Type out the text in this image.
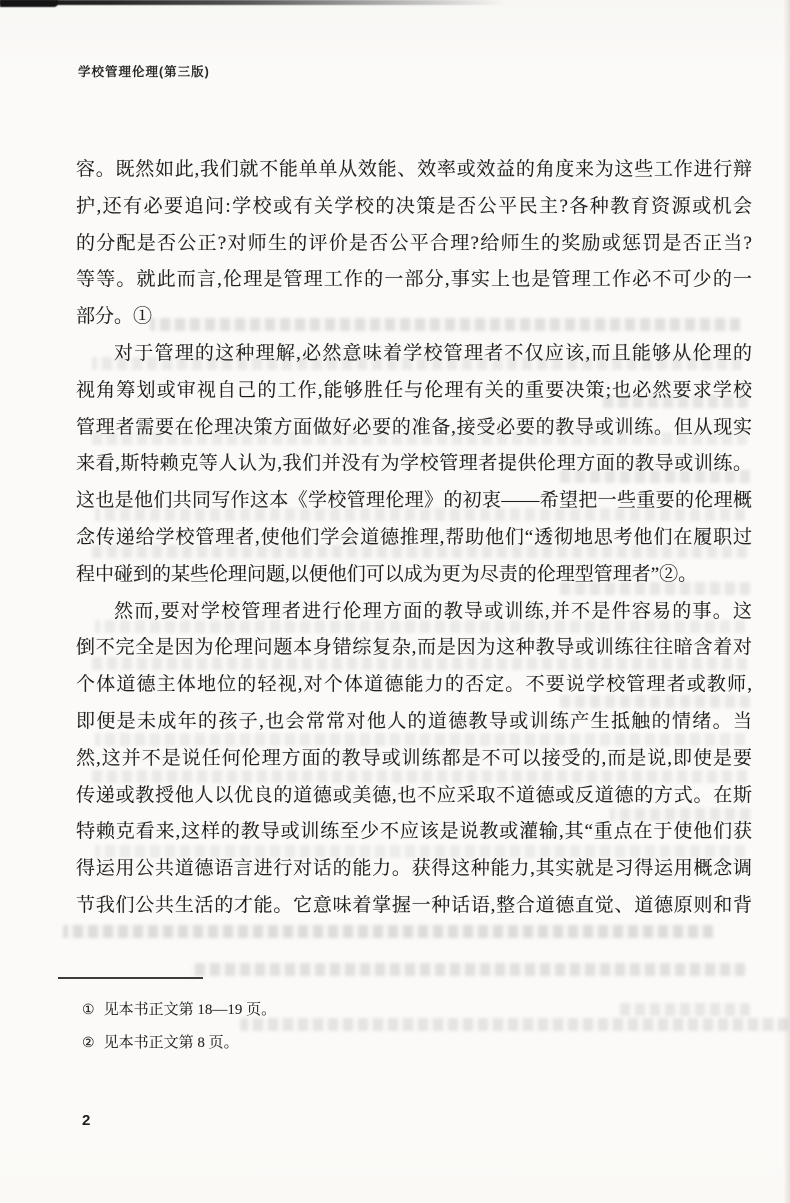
学校管理伦理(第三版)
容。既然如此,我们就不能单单从效能、效率或效益的角度来为这些工作进行辩
护,还有必要追问:学校或有关学校的决策是否公平民主?各种教育资源或机会
的分配是否公正?对师生的评价是否公平合理?给师生的奖励或惩罚是否正当?
等等。就此而言,伦理是管理工作的一部分,事实上也是管理工作必不可少的一
部分。①
对于管理的这种理解,必然意味着学校管理者不仅应该,而且能够从伦理的
视角筹划或审视自己的工作,能够胜任与伦理有关的重要决策;也必然要求学校
管理者需要在伦理决策方面做好必要的准备,接受必要的教导或训练。但从现实
来看,斯特赖克等人认为,我们并没有为学校管理者提供伦理方面的教导或训练。
这也是他们共同写作这本《学校管理伦理》的初衷——希望把一些重要的伦理概
念传递给学校管理者,使他们学会道德推理,帮助他们“透彻地思考他们在履职过
程中碰到的某些伦理问题,以便他们可以成为更为尽责的伦理型管理者”②。
然而,要对学校管理者进行伦理方面的教导或训练,并不是件容易的事。这
倒不完全是因为伦理问题本身错综复杂,而是因为这种教导或训练往往暗含着对
个体道德主体地位的轻视,对个体道德能力的否定。不要说学校管理者或教师,
即便是未成年的孩子,也会常常对他人的道德教导或训练产生抵触的情绪。当
然,这并不是说任何伦理方面的教导或训练都是不可以接受的,而是说,即使是要
传递或教授他人以优良的道德或美德,也不应采取不道德或反道德的方式。在斯
特赖克看来,这样的教导或训练至少不应该是说教或灌输,其“重点在于使他们获
得运用公共道德语言进行对话的能力。获得这种能力,其实就是习得运用概念调
节我们公共生活的才能。它意味着掌握一种话语,整合道德直觉、道德原则和背
① 见本书正文第 18—19 页。
② 见本书正文第 8 页。
2
